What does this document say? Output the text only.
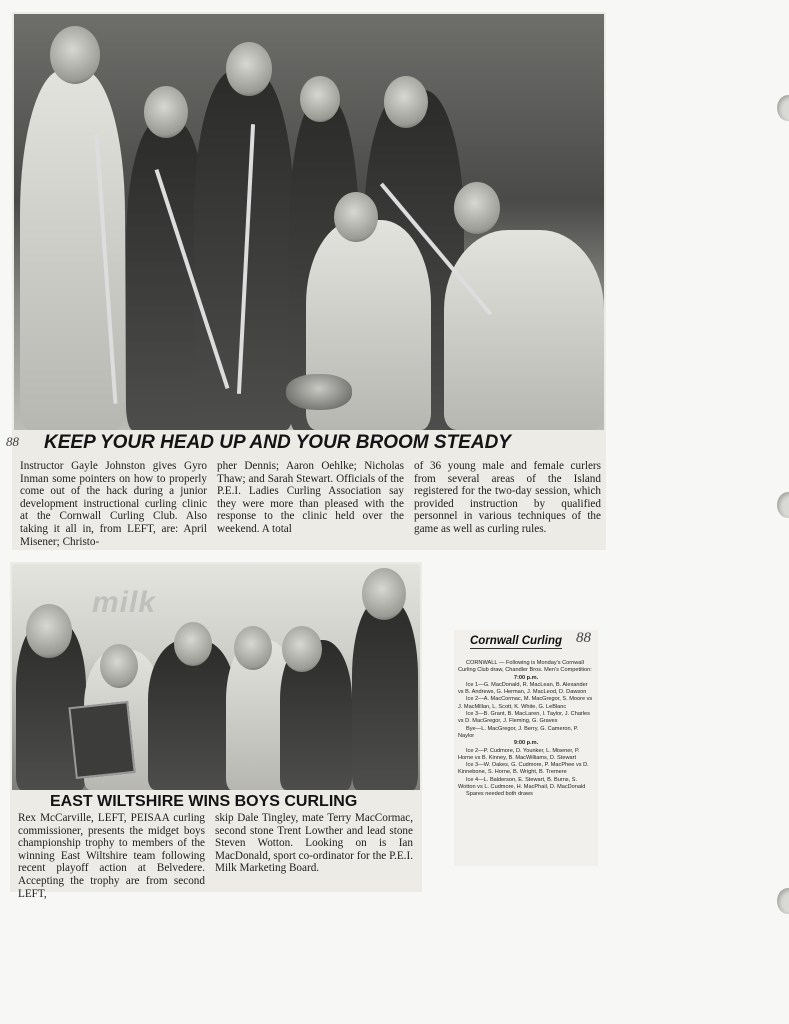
88 KEEP YOUR HEAD UP AND YOUR BROOM STEADY

Instructor Gayle Johnston gives Gyro Inman some pointers on how to properly come out of the hack during a junior development instructional curling clinic at the Cornwall Curling Club. Also taking it all in, from LEFT, are: April Misener; Christo-

pher Dennis; Aaron Oehlke; Nicholas Thaw; and Sarah Stewart. Officials of the P.E.I. Ladies Curling Association say they were more than pleased with the response to the clinic held over the weekend. A total

of 36 young male and female curlers from several areas of the Island registered for the two-day session, which provided instruction by qualified personnel in various techniques of the game as well as curling rules.

milk
EAST WILTSHIRE WINS BOYS CURLING

Rex McCarville, LEFT, PEISAA curling commissioner, presents the midget boys championship trophy to members of the winning East Wiltshire team following recent playoff action at Belvedere. Accepting the trophy are from second LEFT,

skip Dale Tingley, mate Terry MacCormac, second stone Trent Lowther and lead stone Steven Wotton. Looking on is Ian MacDonald, sport co-ordinator for the P.E.I. Milk Marketing Board.

Cornwall Curling 88

CORNWALL — Following is Monday's Cornwall Curling Club draw, Chandler Bros. Men's Competition:

7:00 p.m.

Ice 1—G. MacDonald, R. MacLean, B. Alexander vs B. Andrews, G. Herman, J. MacLeod, D. Dawson

Ice 2—A. MacCormac, M. MacGregor, S. Moore vs J. MacMillan, L. Scott, K. White, G. LeBlanc

Ice 3—B. Grant, B. MacLaren, I. Taylor, J. Charles vs D. MacGregor, J. Fleming, G. Graves

Bye—L. MacGregor, J. Berry, G. Cameron, P. Naylor

9:00 p.m.

Ice 2—P. Cudmore, D. Younker, L. Misener, P. Horne vs B. Kinney, B. MacWilliams, D. Stewart

Ice 3—W. Oakes, G. Cudmore, P. MacPhee vs D. Kinnebone, S. Horne, B. Wright, B. Tremere

Ice 4—L. Balderson, E. Stewart, B. Burns, S. Wotton vs L. Cudmore, H. MacPhail, D. MacDonald

Spares needed both draws
